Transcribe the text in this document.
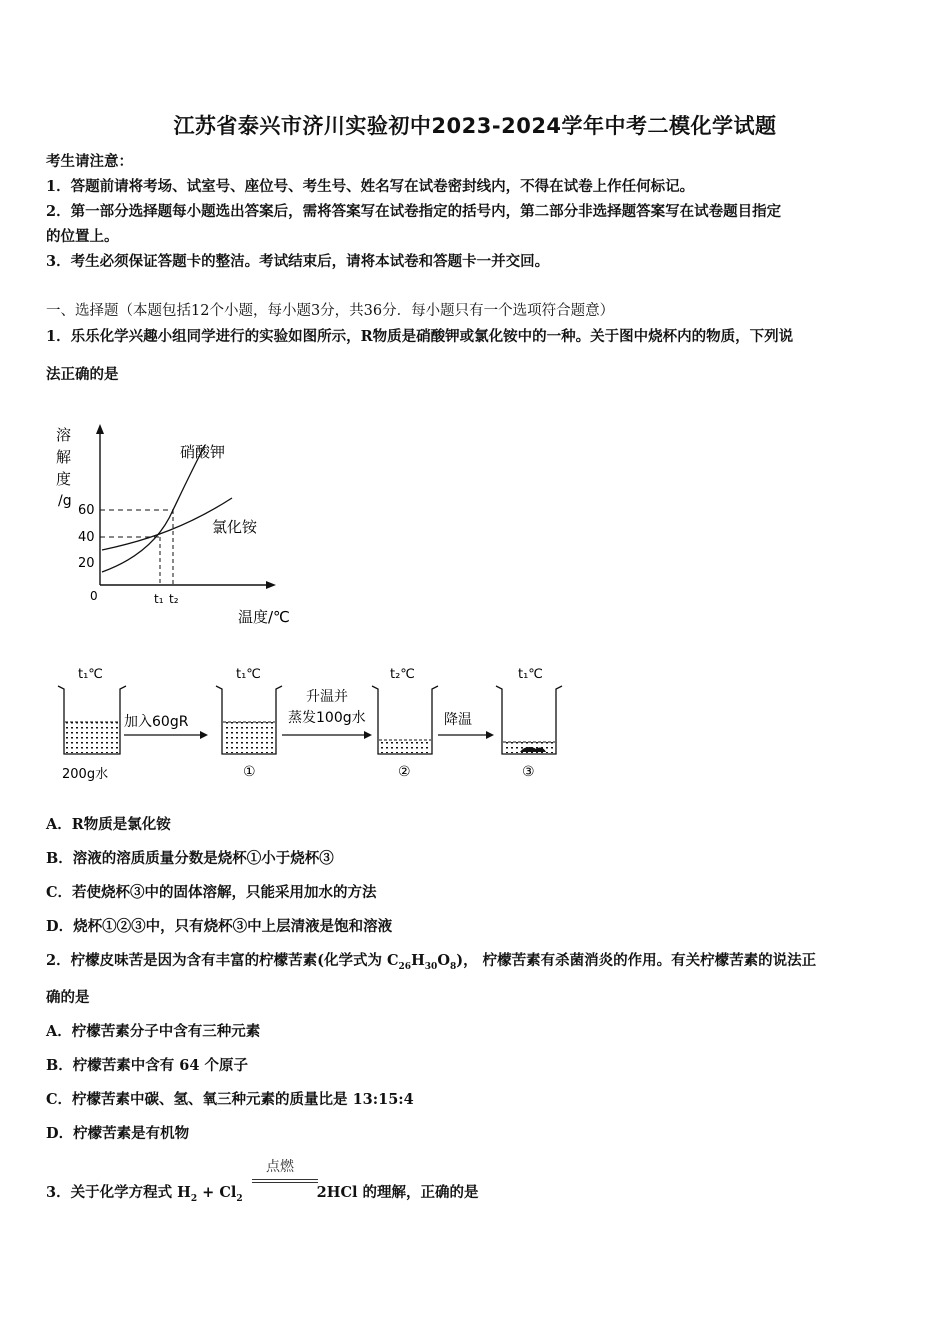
江苏省泰兴市济川实验初中2023-2024学年中考二模化学试题
考生请注意：
1．答题前请将考场、试室号、座位号、考生号、姓名写在试卷密封线内，不得在试卷上作任何标记。
2．第一部分选择题每小题选出答案后，需将答案写在试卷指定的括号内，第二部分非选择题答案写在试卷题目指定
的位置上。
3．考生必须保证答题卡的整洁。考试结束后，请将本试卷和答题卡一并交回。
一、选择题（本题包括12个小题，每小题3分，共36分．每小题只有一个选项符合题意）
1．乐乐化学兴趣小组同学进行的实验如图所示，R物质是硝酸钾或氯化铵中的一种。关于图中烧杯内的物质，下列说
法正确的是
溶
解
度
/g
60
40
20
0	t₁ t₂
硝酸钾
氯化铵
温度/℃
t₁℃
200g水
加入60gR
t₁℃
①
升温并
蒸发100g水
t₂℃
②
降温
t₁℃
③
A．R物质是氯化铵
B．溶液的溶质质量分数是烧杯①小于烧杯③
C．若使烧杯③中的固体溶解，只能采用加水的方法
D．烧杯①②③中，只有烧杯③中上层清液是饱和溶液
2．柠檬皮味苦是因为含有丰富的柠檬苦素(化学式为 $C_{26}H_{30}O_8$)， 柠檬苦素有杀菌消炎的作用。有关柠檬苦素的说法正
确的是
A．柠檬苦素分子中含有三种元素
B．柠檬苦素中含有 64 个原子
C．柠檬苦素中碳、氢、氧三种元素的质量比是 13:15:4
D．柠檬苦素是有机物
点燃
3．关于化学方程式 $H_2 + Cl_2$	2HCl 的理解，正确的是
